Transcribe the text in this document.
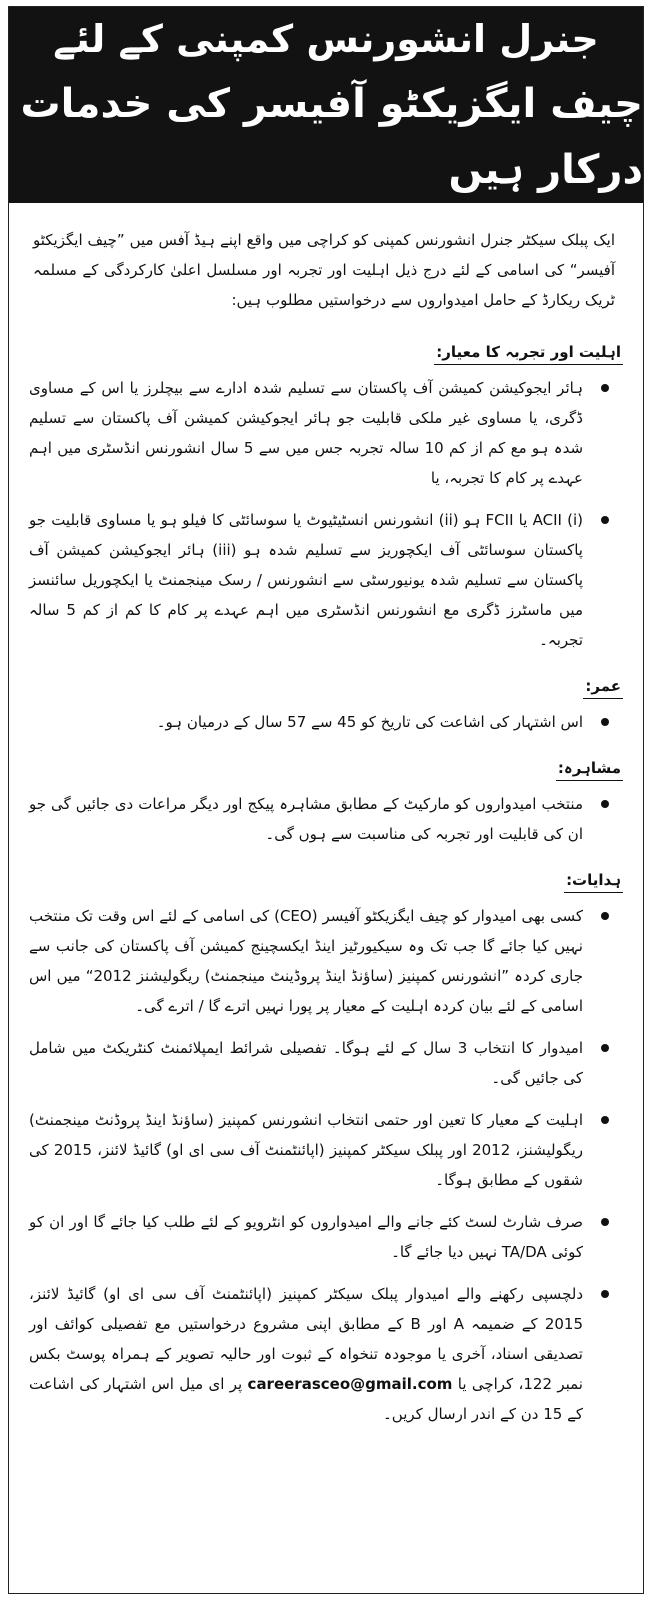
جنرل انشورنس کمپنی کے لئے
چیف ایگزیکٹو آفیسر کی خدمات درکار ہیں

ایک پبلک سیکٹر جنرل انشورنس کمپنی کو کراچی میں واقع اپنے ہیڈ آفس میں ”چیف ایگزیکٹو آفیسر“ کی اسامی کے لئے درج ذیل اہلیت اور تجربہ اور مسلسل اعلیٰ کارکردگی کے مسلمہ ٹریک ریکارڈ کے حامل امیدواروں سے درخواستیں مطلوب ہیں:

اہلیت اور تجربہ کا معیار:
ہائر ایجوکیشن کمیشن آف پاکستان سے تسلیم شدہ ادارے سے بیچلرز یا اس کے مساوی ڈگری، یا مساوی غیر ملکی قابلیت جو ہائر ایجوکیشن کمیشن آف پاکستان سے تسلیم شدہ ہو مع کم از کم 10 سالہ تجربہ جس میں سے 5 سال انشورنس انڈسٹری میں اہم عہدے پر کام کا تجربہ، یا
(i) ACII یا FCII ہو (ii) انشورنس انسٹیٹیوٹ یا سوسائٹی کا فیلو ہو یا مساوی قابلیت جو پاکستان سوسائٹی آف ایکچوریز سے تسلیم شدہ ہو (iii) ہائر ایجوکیشن کمیشن آف پاکستان سے تسلیم شدہ یونیورسٹی سے انشورنس / رسک مینجمنٹ یا ایکچوریل سائنسز میں ماسٹرز ڈگری مع انشورنس انڈسٹری میں اہم عہدے پر کام کا کم از کم 5 سالہ تجربہ۔
عمر:
اس اشتہار کی اشاعت کی تاریخ کو 45 سے 57 سال کے درمیان ہو۔
مشاہرہ:
منتخب امیدواروں کو مارکیٹ کے مطابق مشاہرہ پیکج اور دیگر مراعات دی جائیں گی جو ان کی قابلیت اور تجربہ کی مناسبت سے ہوں گی۔
ہدایات:
کسی بھی امیدوار کو چیف ایگزیکٹو آفیسر (CEO) کی اسامی کے لئے اس وقت تک منتخب نہیں کیا جائے گا جب تک وہ سیکیورٹیز اینڈ ایکسچینج کمیشن آف پاکستان کی جانب سے جاری کردہ ”انشورنس کمپنیز (ساؤنڈ اینڈ پروڈینٹ مینجمنٹ) ریگولیشنز 2012“ میں اس اسامی کے لئے بیان کردہ اہلیت کے معیار پر پورا نہیں اترے گا / اترے گی۔
امیدوار کا انتخاب 3 سال کے لئے ہوگا۔ تفصیلی شرائط ایمپلائمنٹ کنٹریکٹ میں شامل کی جائیں گی۔
اہلیت کے معیار کا تعین اور حتمی انتخاب انشورنس کمپنیز (ساؤنڈ اینڈ پروڈنٹ مینجمنٹ) ریگولیشنز، 2012 اور پبلک سیکٹر کمپنیز (اپائنٹمنٹ آف سی ای او) گائیڈ لائنز، 2015 کی شقوں کے مطابق ہوگا۔
صرف شارٹ لسٹ کئے جانے والے امیدواروں کو انٹرویو کے لئے طلب کیا جائے گا اور ان کو کوئی TA/DA نہیں دیا جائے گا۔
دلچسپی رکھنے والے امیدوار پبلک سیکٹر کمپنیز (اپائنٹمنٹ آف سی ای او) گائیڈ لائنز، 2015 کے ضمیمہ A اور B کے مطابق اپنی مشروع درخواستیں مع تفصیلی کوائف اور تصدیقی اسناد، آخری یا موجودہ تنخواہ کے ثبوت اور حالیہ تصویر کے ہمراہ پوسٹ بکس نمبر 122، کراچی یا careerasceo@gmail.com پر ای میل اس اشتہار کی اشاعت کے 15 دن کے اندر ارسال کریں۔
